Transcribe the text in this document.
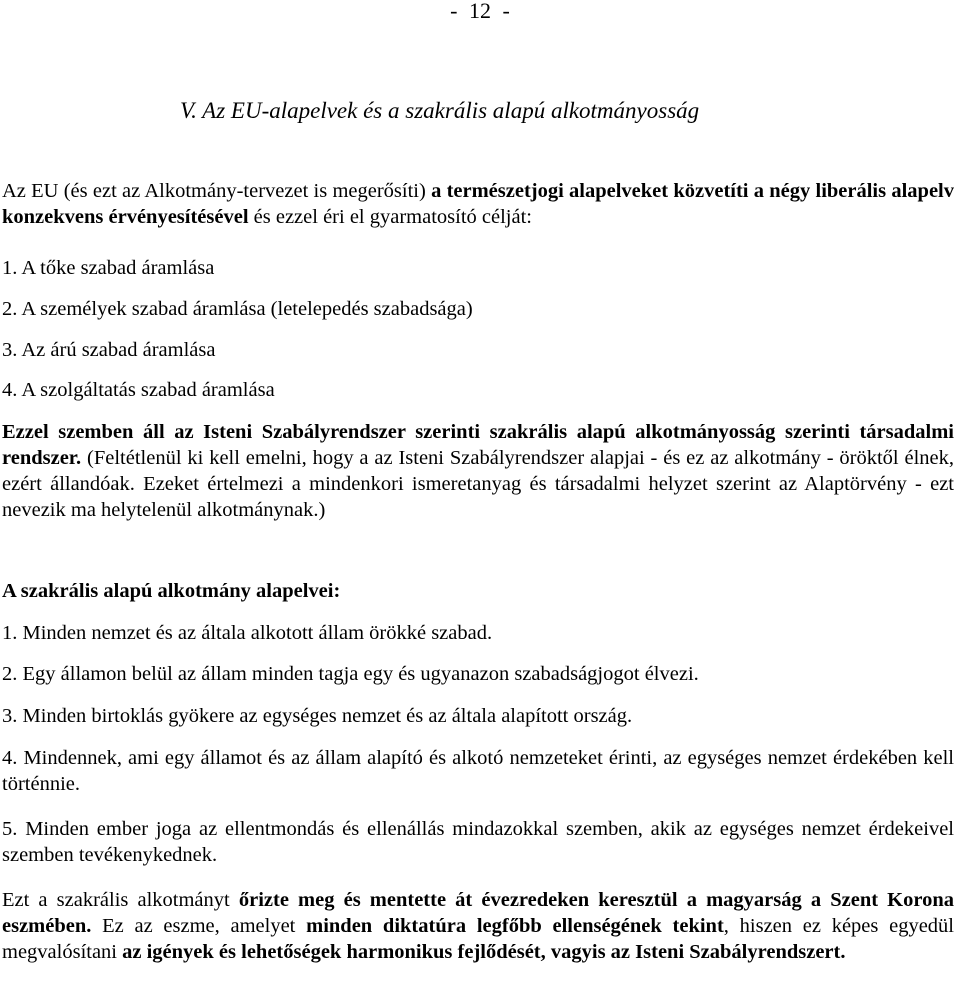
- 12 -
V. Az EU-alapelvek és a szakrális alapú alkotmányosság
Az EU (és ezt az Alkotmány-tervezet is megerősíti) a természetjogi alapelveket közvetíti a négy liberális alapelv konzekvens érvényesítésével és ezzel éri el gyarmatosító célját:
1. A tőke szabad áramlása
2. A személyek szabad áramlása (letelepedés szabadsága)
3. Az árú szabad áramlása
4. A szolgáltatás szabad áramlása
Ezzel szemben áll az Isteni Szabályrendszer szerinti szakrális alapú alkotmányosság szerinti társadalmi rendszer. (Feltétlenül ki kell emelni, hogy a az Isteni Szabályrendszer alapjai - és ez az alkotmány - öröktől élnek, ezért állandóak. Ezeket értelmezi a mindenkori ismeretanyag és társadalmi helyzet szerint az Alaptörvény - ezt nevezik ma helytelenül alkotmánynak.)
A szakrális alapú alkotmány alapelvei:
1. Minden nemzet és az általa alkotott állam örökké szabad.
2. Egy államon belül az állam minden tagja egy és ugyanazon szabadságjogot élvezi.
3. Minden birtoklás gyökere az egységes nemzet és az általa alapított ország.
4. Mindennek, ami egy államot és az állam alapító és alkotó nemzeteket érinti, az egységes nemzet érdekében kell történnie.
5. Minden ember joga az ellentmondás és ellenállás mindazokkal szemben, akik az egységes nemzet érdekeivel szemben tevékenykednek.
Ezt a szakrális alkotmányt őrizte meg és mentette át évezredeken keresztül a magyarság a Szent Korona eszmében. Ez az eszme, amelyet minden diktatúra legfőbb ellenségének tekint, hiszen ez képes egyedül megvalósítani az igények és lehetőségek harmonikus fejlődését, vagyis az Isteni Szabályrendszert.
